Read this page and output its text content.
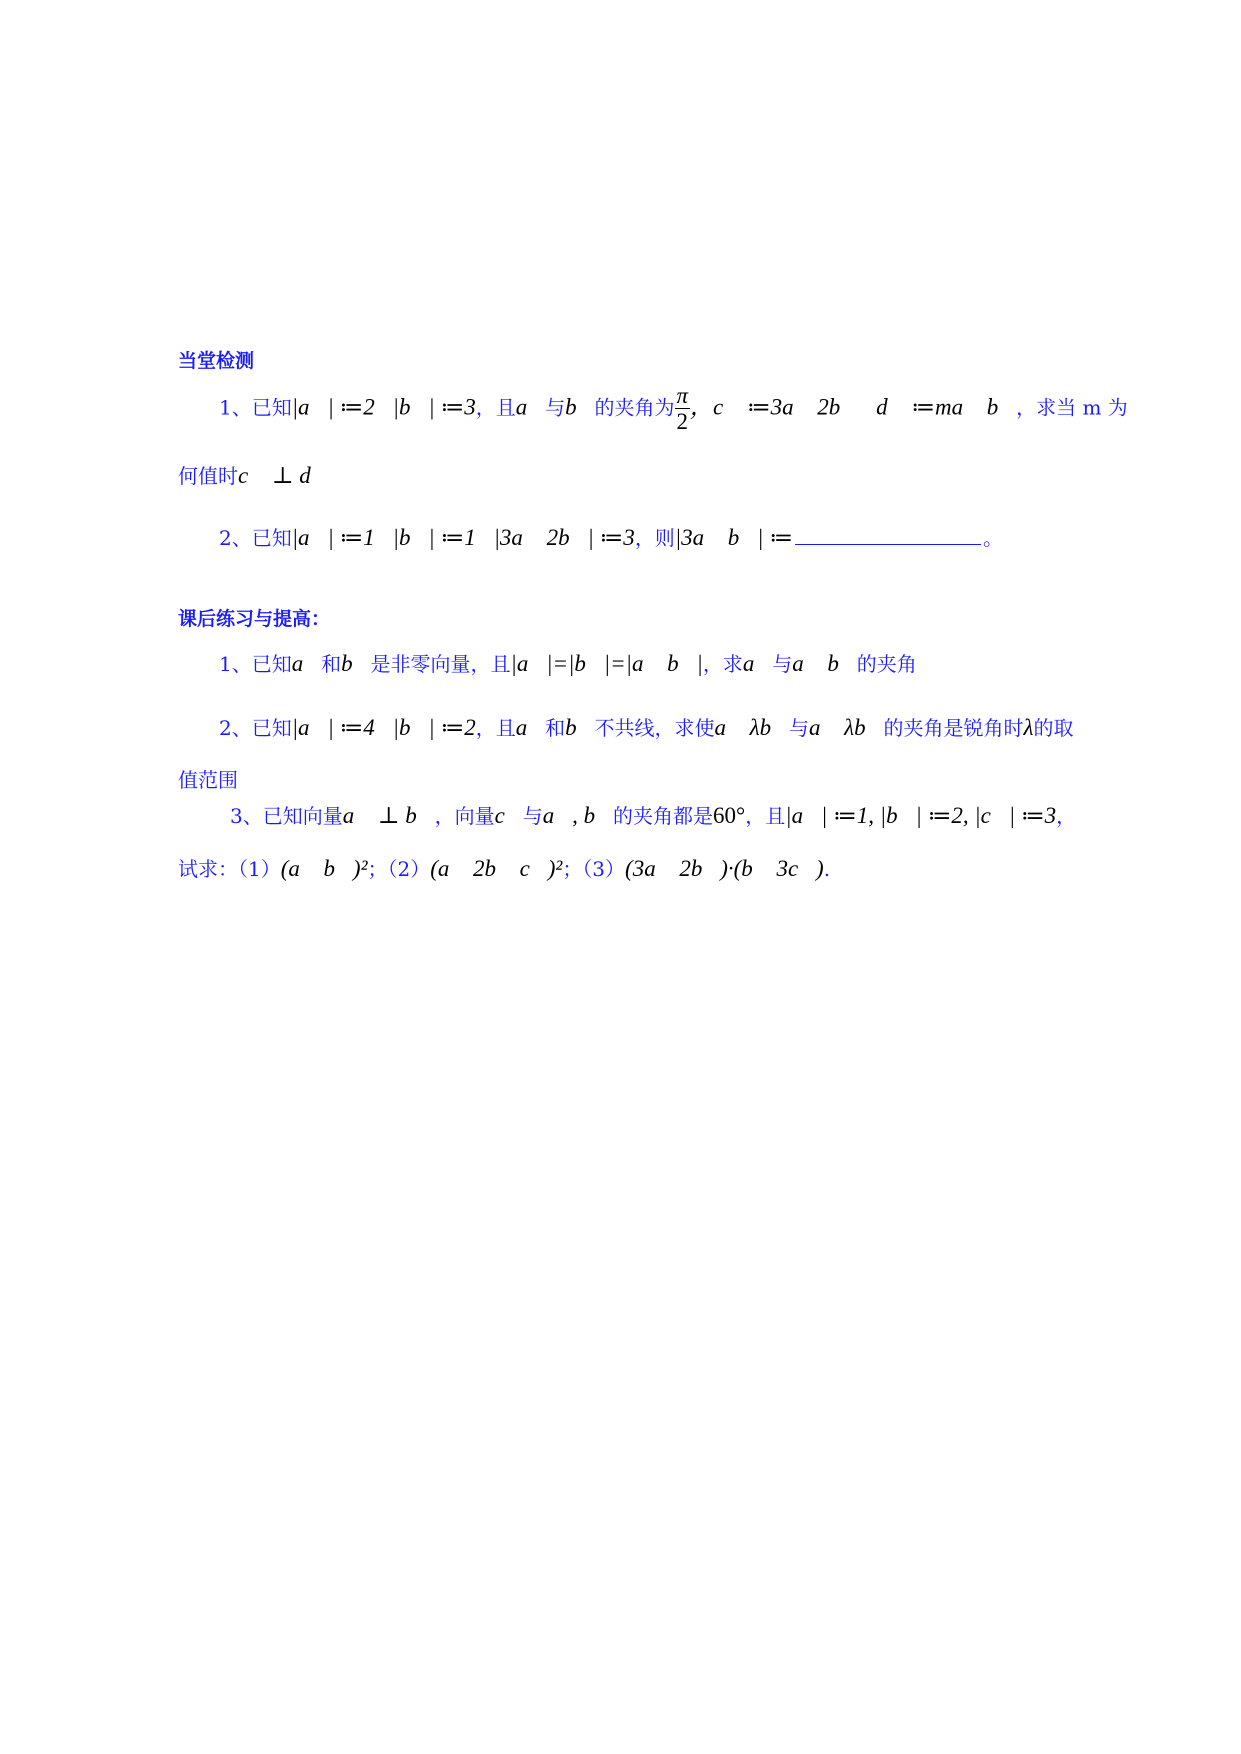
当堂检测
1、已知|a⃗| ≔2，|b⃗| ≔3，且a⃗与b⃗的夹角为 $\frac{\pi}{2}$ ，c⃗ ≔3a⃗ 2b⃗，d⃗ ≔ma⃗ b⃗，求当 m 为
何值时c⃗ ⊥ d⃗
2、已知|a⃗| ≔1，|b⃗| ≔1，|3a⃗ 2b⃗| ≔3，则|3a⃗ b⃗| ≔	。
课后练习与提高：
1、已知a⃗和b⃗是非零向量，且|a⃗|=|b⃗|=|a⃗ b⃗|，求a⃗与a⃗ b⃗的夹角
2、已知|a⃗| ≔4，|b⃗| ≔2，且a⃗和b⃗不共线，求使a⃗ λb⃗与a⃗ λb⃗的夹角是锐角时λ的取
值范围
3、已知向量a⃗ ⊥ b⃗，向量c⃗与a⃗, b⃗的夹角都是60°，且|a⃗| ≔1, |b⃗| ≔2, |c⃗| ≔3，
试求：（1）(a⃗ b⃗)²；（2）(a⃗ 2b⃗ c⃗)²；（3）(3a⃗ 2b⃗)·(b⃗ 3c⃗).
